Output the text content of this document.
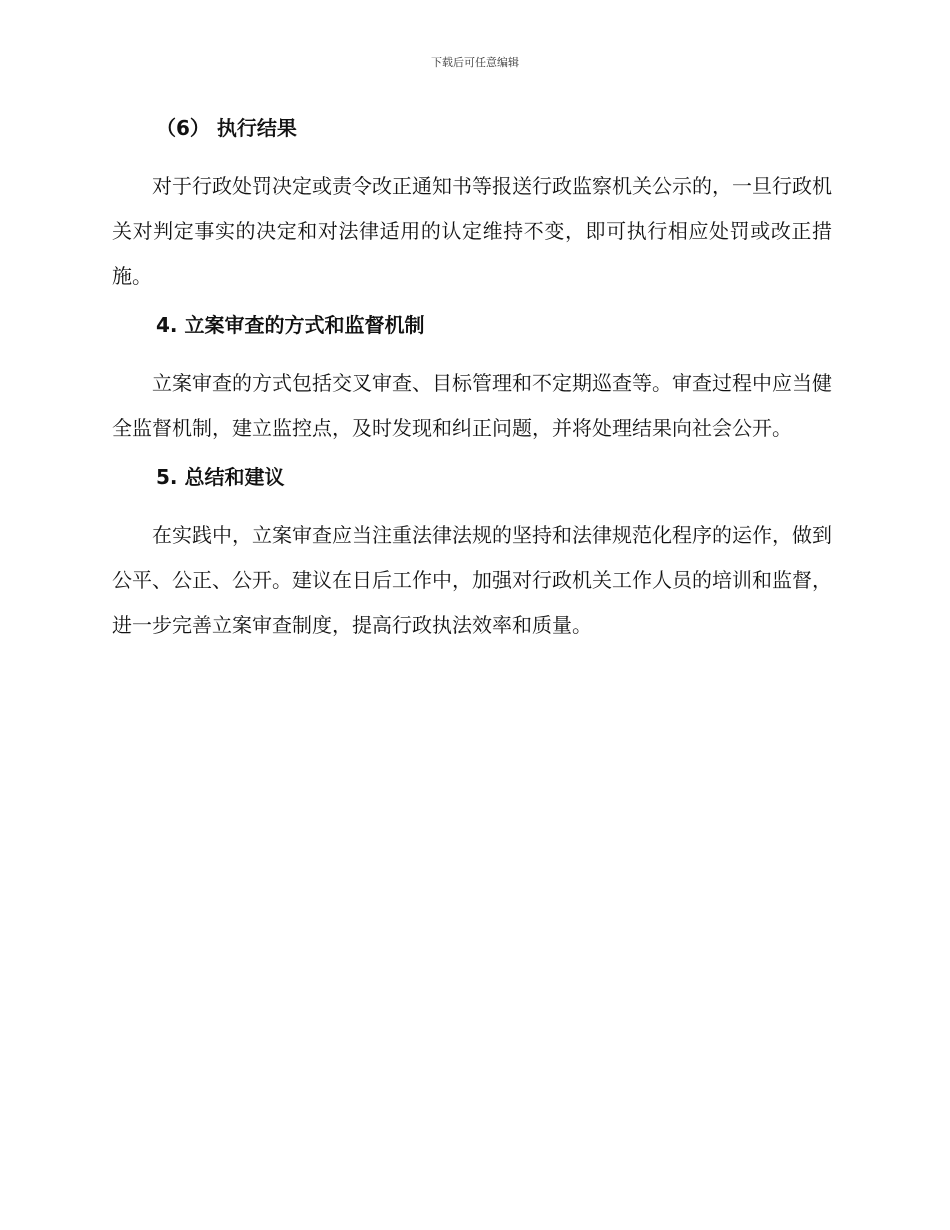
下载后可任意编辑
（6） 执行结果

对于行政处罚决定或责令改正通知书等报送行政监察机关公示的，一旦行政机关对判定事实的决定和对法律适用的认定维持不变，即可执行相应处罚或改正措施。

4. 立案审查的方式和监督机制

立案审查的方式包括交叉审查、目标管理和不定期巡查等。审查过程中应当健全监督机制，建立监控点，及时发现和纠正问题，并将处理结果向社会公开。

5. 总结和建议

在实践中，立案审查应当注重法律法规的坚持和法律规范化程序的运作，做到公平、公正、公开。建议在日后工作中，加强对行政机关工作人员的培训和监督，进一步完善立案审查制度，提高行政执法效率和质量。
